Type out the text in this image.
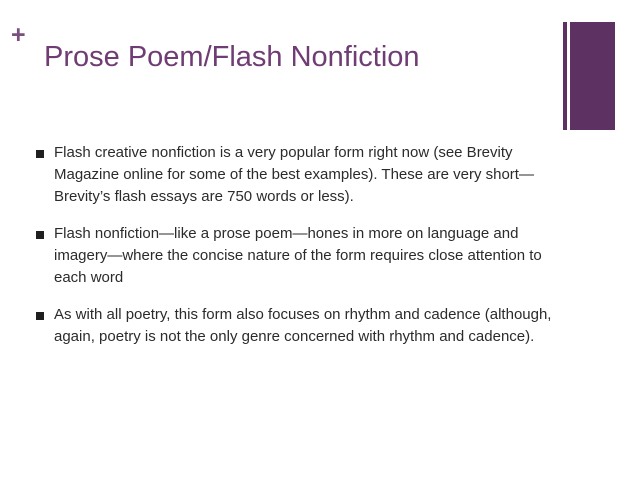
+
Prose Poem/Flash Nonfiction
Flash creative nonfiction is a very popular form right now (see Brevity Magazine online for some of the best examples). These are very short—Brevity’s flash essays are 750 words or less).
Flash nonfiction—like a prose poem—hones in more on language and imagery—where the concise nature of the form requires close attention to each word
As with all poetry, this form also focuses on rhythm and cadence (although, again, poetry is not the only genre concerned with rhythm and cadence).
